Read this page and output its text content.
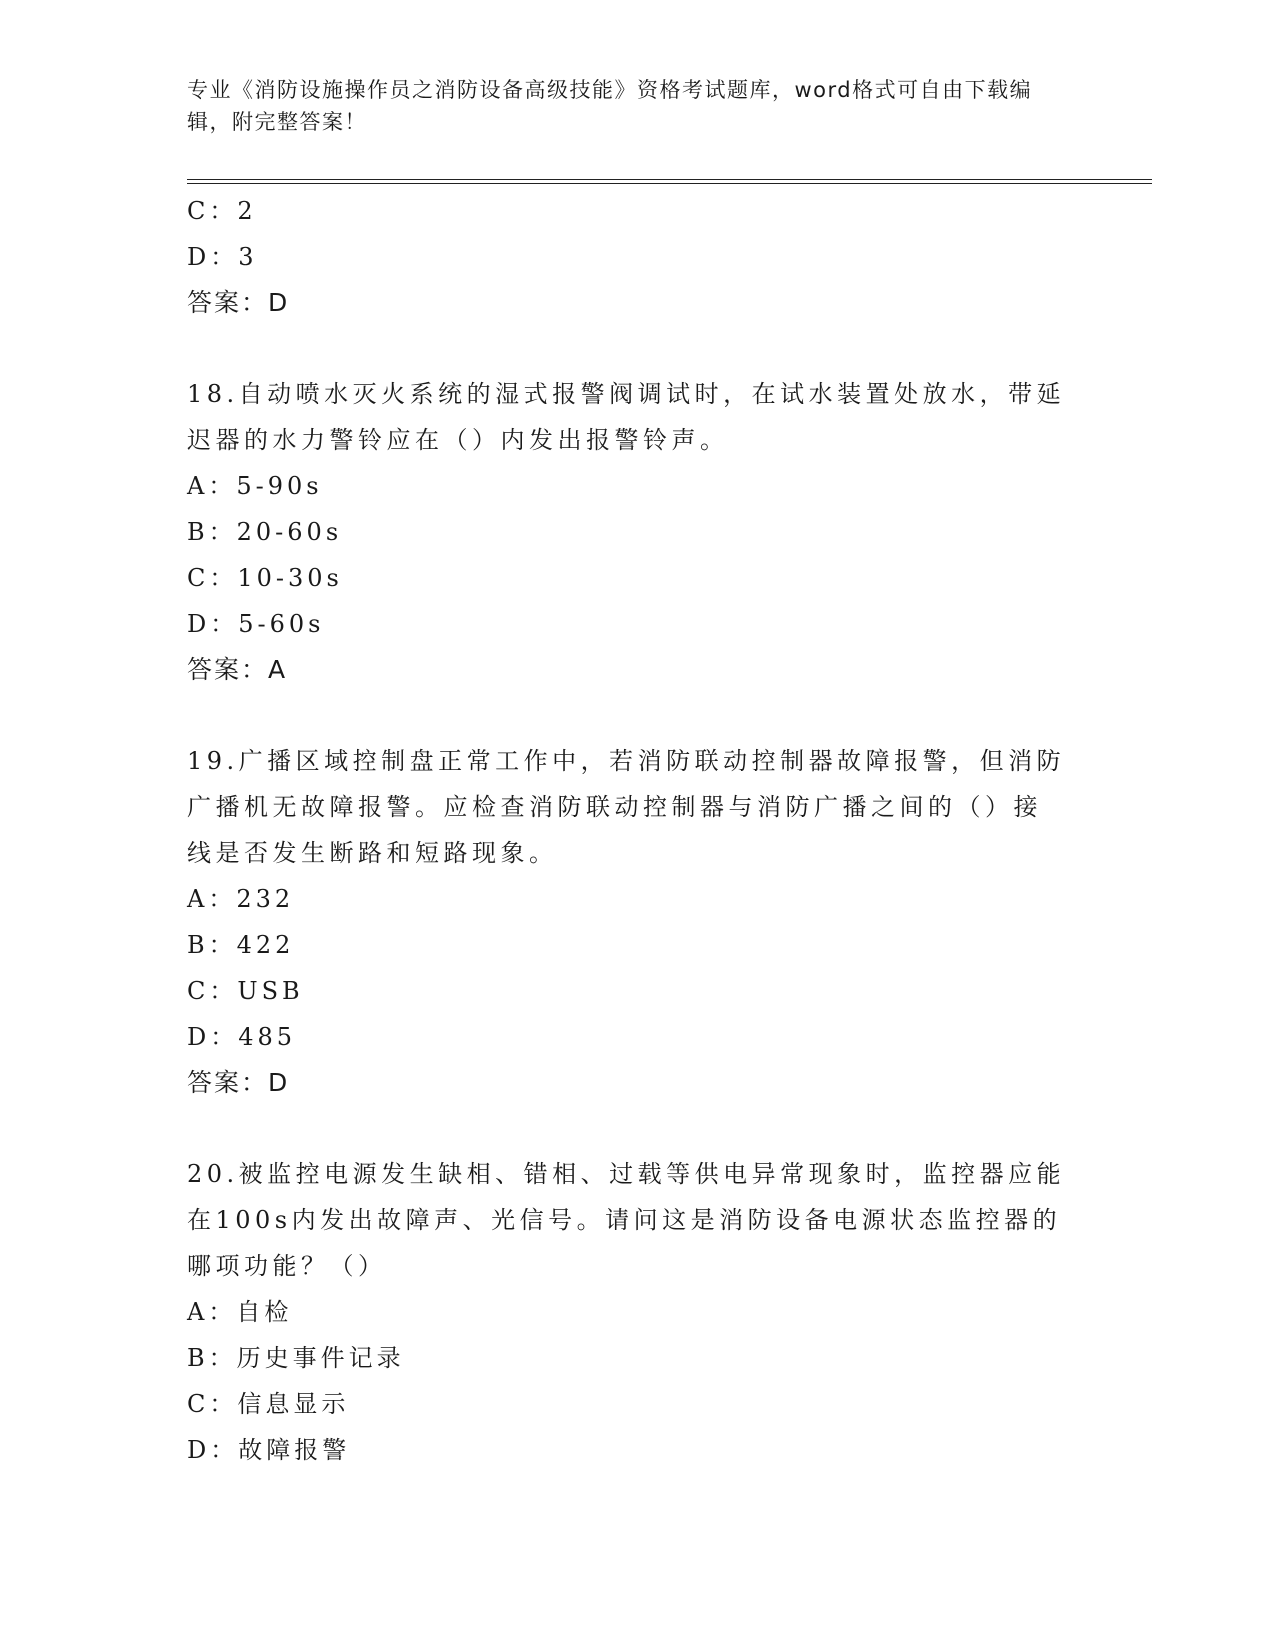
专业《消防设施操作员之消防设备高级技能》资格考试题库，word格式可自由下载编辑，附完整答案！
C：2
D：3
答案：D
18.自动喷水灭火系统的湿式报警阀调试时，在试水装置处放水，带延迟器的水力警铃应在（）内发出报警铃声。
A：5-90s
B：20-60s
C：10-30s
D：5-60s
答案：A
19.广播区域控制盘正常工作中，若消防联动控制器故障报警，但消防广播机无故障报警。应检查消防联动控制器与消防广播之间的（）接线是否发生断路和短路现象。
A：232
B：422
C：USB
D：485
答案：D
20.被监控电源发生缺相、错相、过载等供电异常现象时，监控器应能在100s内发出故障声、光信号。请问这是消防设备电源状态监控器的哪项功能？（）
A：自检
B：历史事件记录
C：信息显示
D：故障报警
